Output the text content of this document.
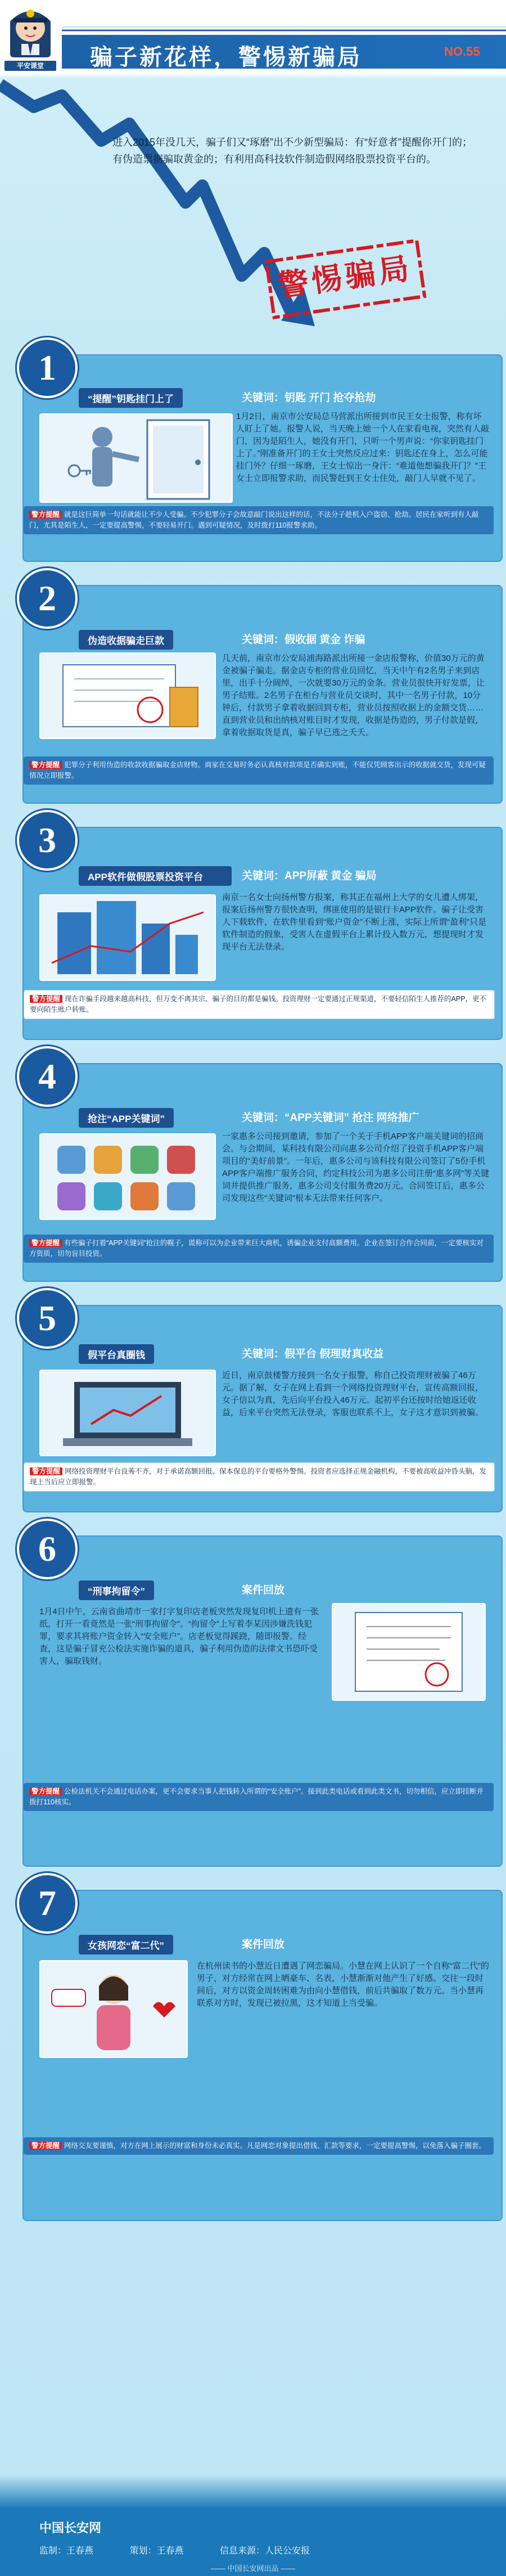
平安课堂	骗子新花样，警惕新骗局	NO.55
进入2015年没几天，骗子们又“琢磨”出不少新型骗局：有“好意者”提醒你开门的；有伪造票据骗取黄金的；有利用高科技软件制造假网络股票投资平台的。
警惕骗局
1
“提醒”钥匙挂门上了	关键词：钥匙 开门 抢夺抢劫
1月2日，南京市公安局总马营派出所接到市民王女士报警，称有坏人盯上了她。报警人说，当天晚上她一个人在家看电视，突然有人敲门，因为是陌生人，她没有开门，只听一个男声说：“你家钥匙挂门上了。”刚准备开门的王女士突然反应过来：钥匙还在身上，怎么可能挂门外？仔细一琢磨，王女士惊出一身汗：“难道他想骗我开门？”王女士立即报警求助，而民警赶到王女士住处，敲门人早就不见了。
警方提醒 就是这巨简单一句话就能让不少人受骗。不少犯罪分子会故意敲门说出这样的话，不法分子趁机入户盗窃、抢劫。居民在家听到有人敲门，尤其是陌生人，一定要提高警惕，不要轻易开门。遇到可疑情况，及时拨打110报警求助。
2
伪造收据骗走巨款	关键词：假收据 黄金 诈骗
几天前，南京市公安局浦海路派出所接一金店报警称，价值30万元的黄金被骗子骗走。据金店专柜的营业员回忆，当天中午有2名男子来到店里，出手十分阔绰，一次就要30万元的金条。营业员很快开好发票，让男子结账。2名男子在柜台与营业员交谈时，其中一名男子付款，10分钟后，付款男子拿着收据回到专柜，营业员按照收据上的金额交货……直到营业员和出纳核对账目时才发现，收据是伪造的，男子付款是假，拿着收据取货是真，骗子早已逃之夭夭。
警方提醒 犯罪分子利用伪造的收款收据骗取金店财物。商家在交易时务必认真核对款项是否确实到账，不能仅凭顾客出示的收据就交货，发现可疑情况立即报警。
3
APP软件做假股票投资平台	关键词：APP屏蔽 黄金 骗局
南京一名女士向扬州警方报案，称其正在福州上大学的女儿遭人绑架，报案后扬州警方很快查明，绑匪使用的是银行卡APP软件。骗子让受害人下载软件，在软件里看到“账户资金”不断上涨，实际上所谓“盈利”只是软件制造的假象，受害人在虚假平台上累计投入数万元，想提现时才发现平台无法登录。
警方提醒 现在诈骗手段越来越高科技，但万变不离其宗，骗子的目的都是骗钱。投资理财一定要通过正规渠道，不要轻信陌生人推荐的APP，更不要向陌生账户转账。
4
抢注“APP关键词”	关键词：“APP关键词” 抢注 网络推广
一家惠多公司接到邀请，参加了一个关于手机APP客户端关键词的招商会。与会期间，某科技有限公司向惠多公司介绍了投资手机APP客户端项目的“美好前景”。一年后，惠多公司与该科技有限公司签订了5份手机APP客户端推广服务合同，约定科技公司为惠多公司注册“惠多网”等关键词并提供推广服务，惠多公司支付服务费20万元。合同签订后，惠多公司发现这些“关键词”根本无法带来任何客户。
警方提醒 有些骗子打着“APP关键词”抢注的幌子，谎称可以为企业带来巨大商机，诱骗企业支付高额费用。企业在签订合作合同前，一定要核实对方资质，切勿盲目投资。
5
假平台真圈钱	关键词：假平台 假理财真收益
近日，南京鼓楼警方接到一名女子报警，称自己投资理财被骗了46万元。据了解，女子在网上看到一个网络投资理财平台，宣传高额回报，女子信以为真，先后向平台投入46万元。起初平台还按时给她返还收益，后来平台突然无法登录，客服也联系不上，女子这才意识到被骗。
警方提醒 网络投资理财平台良莠不齐，对于承诺高额回报、保本保息的平台要格外警惕。投资者应选择正规金融机构，不要被高收益冲昏头脑，发现上当后应立即报警。
6
“刑事拘留令”	案件回放
1月4日中午，云南省曲靖市一家打字复印店老板突然发现复印机上遗有一张纸，打开一看竟然是一张“刑事拘留令”。“拘留令”上写着李某因涉嫌洗钱犯罪，要求其将账户资金转入“安全账户”。店老板觉得蹊跷，随即报警。经查，这是骗子冒充公检法实施诈骗的道具，骗子利用伪造的法律文书恐吓受害人，骗取钱财。
警方提醒 公检法机关不会通过电话办案，更不会要求当事人把钱转入所谓的“安全账户”。接到此类电话或看到此类文书，切勿相信，应立即挂断并拨打110核实。
7
女孩网恋“富二代”	案件回放
在杭州读书的小慧近日遭遇了网恋骗局。小慧在网上认识了一个自称“富二代”的男子，对方经常在网上晒豪车、名表，小慧渐渐对他产生了好感。交往一段时间后，对方以资金周转困难为由向小慧借钱，前后共骗取了数万元。当小慧再联系对方时，发现已被拉黑，这才知道上当受骗。
警方提醒 网络交友要谨慎，对方在网上展示的财富和身份未必真实。凡是网恋对象提出借钱、汇款等要求，一定要提高警惕，以免落入骗子圈套。
中国长安网
监制：王春燕	策划：王春燕	信息来源：人民公安报
—— 中国长安网出品 ——
